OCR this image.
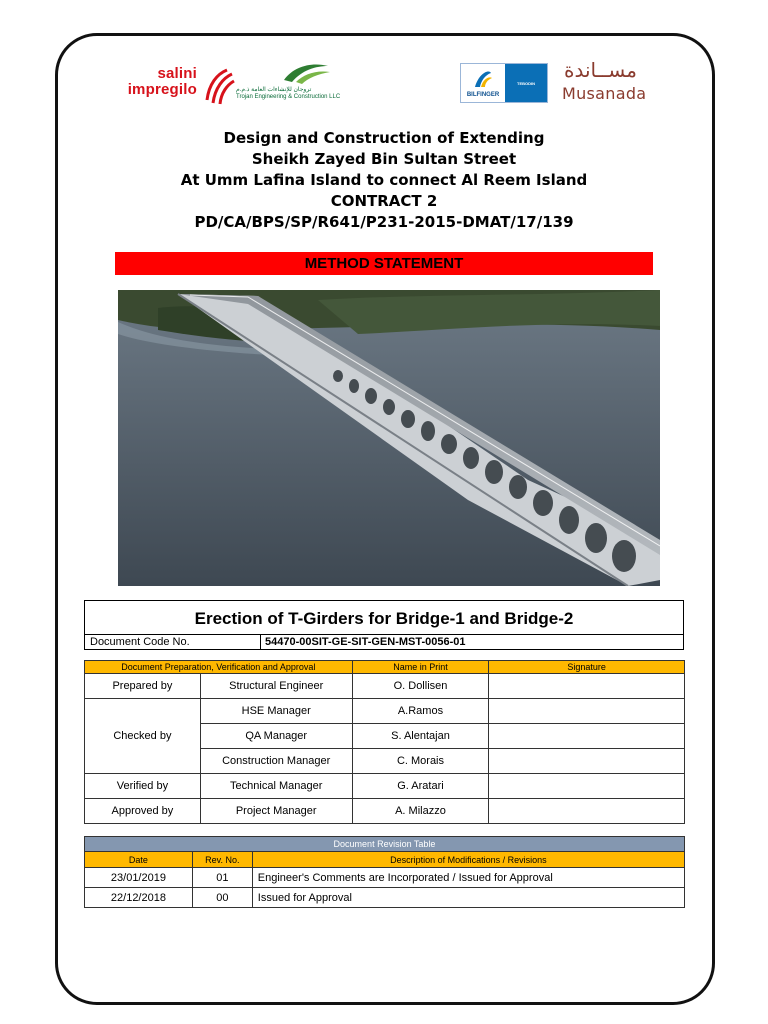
salini
impregilo	تروجان للإنشاءات العامة ذ.م.م
Trojan Engineering & Construction LLC	BILFINGER
TEBODIN
مســاندة
Musanada
Design and Construction of Extending
Sheikh Zayed Bin Sultan Street
At Umm Lafina Island to connect Al Reem Island
CONTRACT 2
PD/CA/BPS/SP/R641/P231-2015-DMAT/17/139
METHOD STATEMENT
Erection of T-Girders for Bridge-1 and Bridge-2
Document Code No.	54470-00SIT-GE-SIT-GEN-MST-0056-01
Document Preparation, Verification and Approval		Name in Print	Signature
Prepared by	Structural Engineer	O. Dollisen	
Checked by	HSE Manager	A.Ramos	
	QA Manager	S. Alentajan	
	Construction Manager	C. Morais	
Verified by	Technical Manager	G. Aratari	
Approved by	Project Manager	A. Milazzo	
Document Revision Table		
Date	Rev. No.	Description of Modifications / Revisions
23/01/2019	01	Engineer's Comments are Incorporated / Issued for Approval
22/12/2018	00	Issued for Approval
